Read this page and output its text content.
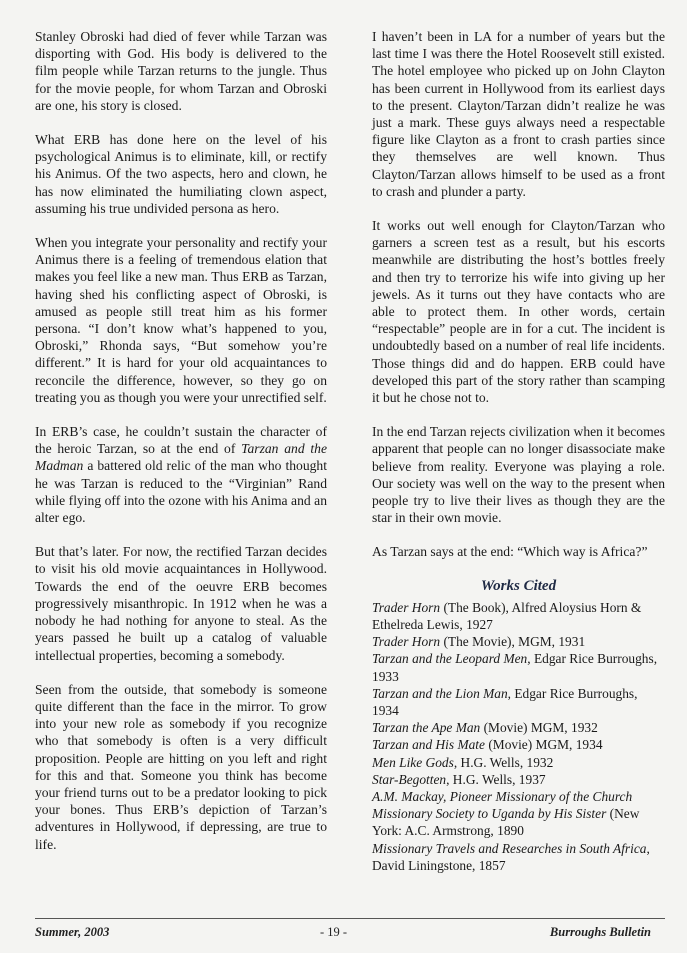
Stanley Obroski had died of fever while Tarzan was disporting with God. His body is delivered to the film people while Tarzan returns to the jungle. Thus for the movie people, for whom Tarzan and Obroski are one, his story is closed.

What ERB has done here on the level of his psychological Animus is to eliminate, kill, or rectify his Animus. Of the two aspects, hero and clown, he has now eliminated the humiliating clown aspect, assuming his true undivided persona as hero.

When you integrate your personality and rectify your Animus there is a feeling of tremendous elation that makes you feel like a new man. Thus ERB as Tarzan, having shed his conflicting aspect of Obroski, is amused as people still treat him as his former persona. “I don’t know what’s happened to you, Obroski,” Rhonda says, “But somehow you’re different.” It is hard for your old acquaintances to reconcile the difference, however, so they go on treating you as though you were your unrectified self.

In ERB’s case, he couldn’t sustain the character of the heroic Tarzan, so at the end of Tarzan and the Madman a battered old relic of the man who thought he was Tarzan is reduced to the “Virginian” Rand while flying off into the ozone with his Anima and an alter ego.

But that’s later. For now, the rectified Tarzan decides to visit his old movie acquaintances in Hollywood. Towards the end of the oeuvre ERB becomes progressively misanthropic. In 1912 when he was a nobody he had nothing for anyone to steal. As the years passed he built up a catalog of valuable intellectual properties, becoming a somebody.

Seen from the outside, that somebody is someone quite different than the face in the mirror. To grow into your new role as somebody if you recognize who that somebody is often is a very difficult proposition. People are hitting on you left and right for this and that. Someone you think has become your friend turns out to be a predator looking to pick your bones. Thus ERB’s depiction of Tarzan’s adventures in Hollywood, if depressing, are true to life.

I haven’t been in LA for a number of years but the last time I was there the Hotel Roosevelt still existed. The hotel employee who picked up on John Clayton has been current in Hollywood from its earliest days to the present. Clayton/Tarzan didn’t realize he was just a mark. These guys always need a respectable figure like Clayton as a front to crash parties since they themselves are well known. Thus Clayton/Tarzan allows himself to be used as a front to crash and plunder a party.

It works out well enough for Clayton/Tarzan who garners a screen test as a result, but his escorts meanwhile are distributing the host’s bottles freely and then try to terrorize his wife into giving up her jewels. As it turns out they have contacts who are able to protect them. In other words, certain “respectable” people are in for a cut. The incident is undoubtedly based on a number of real life incidents. Those things did and do happen. ERB could have developed this part of the story rather than scamping it but he chose not to.

In the end Tarzan rejects civilization when it becomes apparent that people can no longer disassociate make believe from reality. Everyone was playing a role. Our society was well on the way to the present when people try to live their lives as though they are the star in their own movie.

As Tarzan says at the end: “Which way is Africa?”

Works Cited

Trader Horn (The Book), Alfred Aloysius Horn & Ethelreda Lewis, 1927

Trader Horn (The Movie), MGM, 1931

Tarzan and the Leopard Men, Edgar Rice Burroughs, 1933

Tarzan and the Lion Man, Edgar Rice Burroughs, 1934

Tarzan the Ape Man (Movie) MGM, 1932

Tarzan and His Mate (Movie) MGM, 1934

Men Like Gods, H.G. Wells, 1932

Star-Begotten, H.G. Wells, 1937

A.M. Mackay, Pioneer Missionary of the Church Missionary Society to Uganda by His Sister (New York: A.C. Armstrong, 1890

Missionary Travels and Researches in South Africa, David Liningstone, 1857

Summer, 2003	- 19 -	Burroughs Bulletin
